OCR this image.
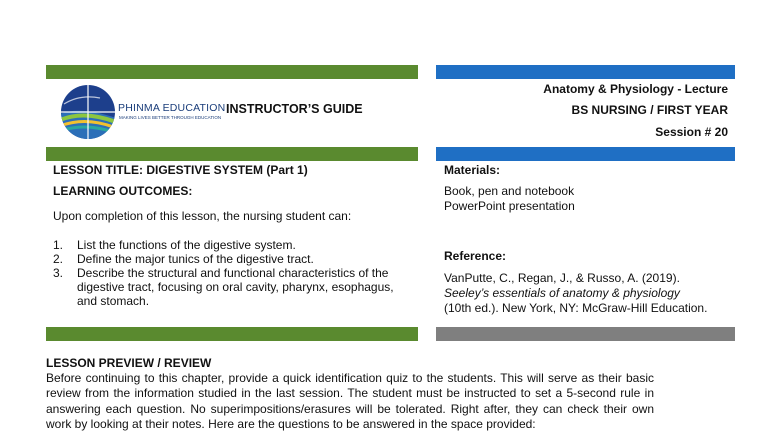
PHINMA EDUCATION
MAKING LIVES BETTER THROUGH EDUCATION
INSTRUCTOR’S GUIDE
Anatomy & Physiology - Lecture
BS NURSING / FIRST YEAR
Session # 20
LESSON TITLE: DIGESTIVE SYSTEM (Part 1)
LEARNING OUTCOMES:
Upon completion of this lesson, the nursing student can:
1. List the functions of the digestive system.
2. Define the major tunics of the digestive tract.
3. Describe the structural and functional characteristics of the digestive tract, focusing on oral cavity, pharynx, esophagus, and stomach.
Materials:
Book, pen and notebook
PowerPoint presentation
Reference:
VanPutte, C., Regan, J., & Russo, A. (2019).
Seeley’s essentials of anatomy & physiology
(10th ed.). New York, NY: McGraw-Hill Education.
LESSON PREVIEW / REVIEW

Before continuing to this chapter, provide a quick identification quiz to the students. This will serve as their basic review from the information studied in the last session. The student must be instructed to set a 5-second rule in answering each question. No superimpositions/erasures will be tolerated. Right after, they can check their own work by looking at their notes. Here are the questions to be answered in the space provided:
